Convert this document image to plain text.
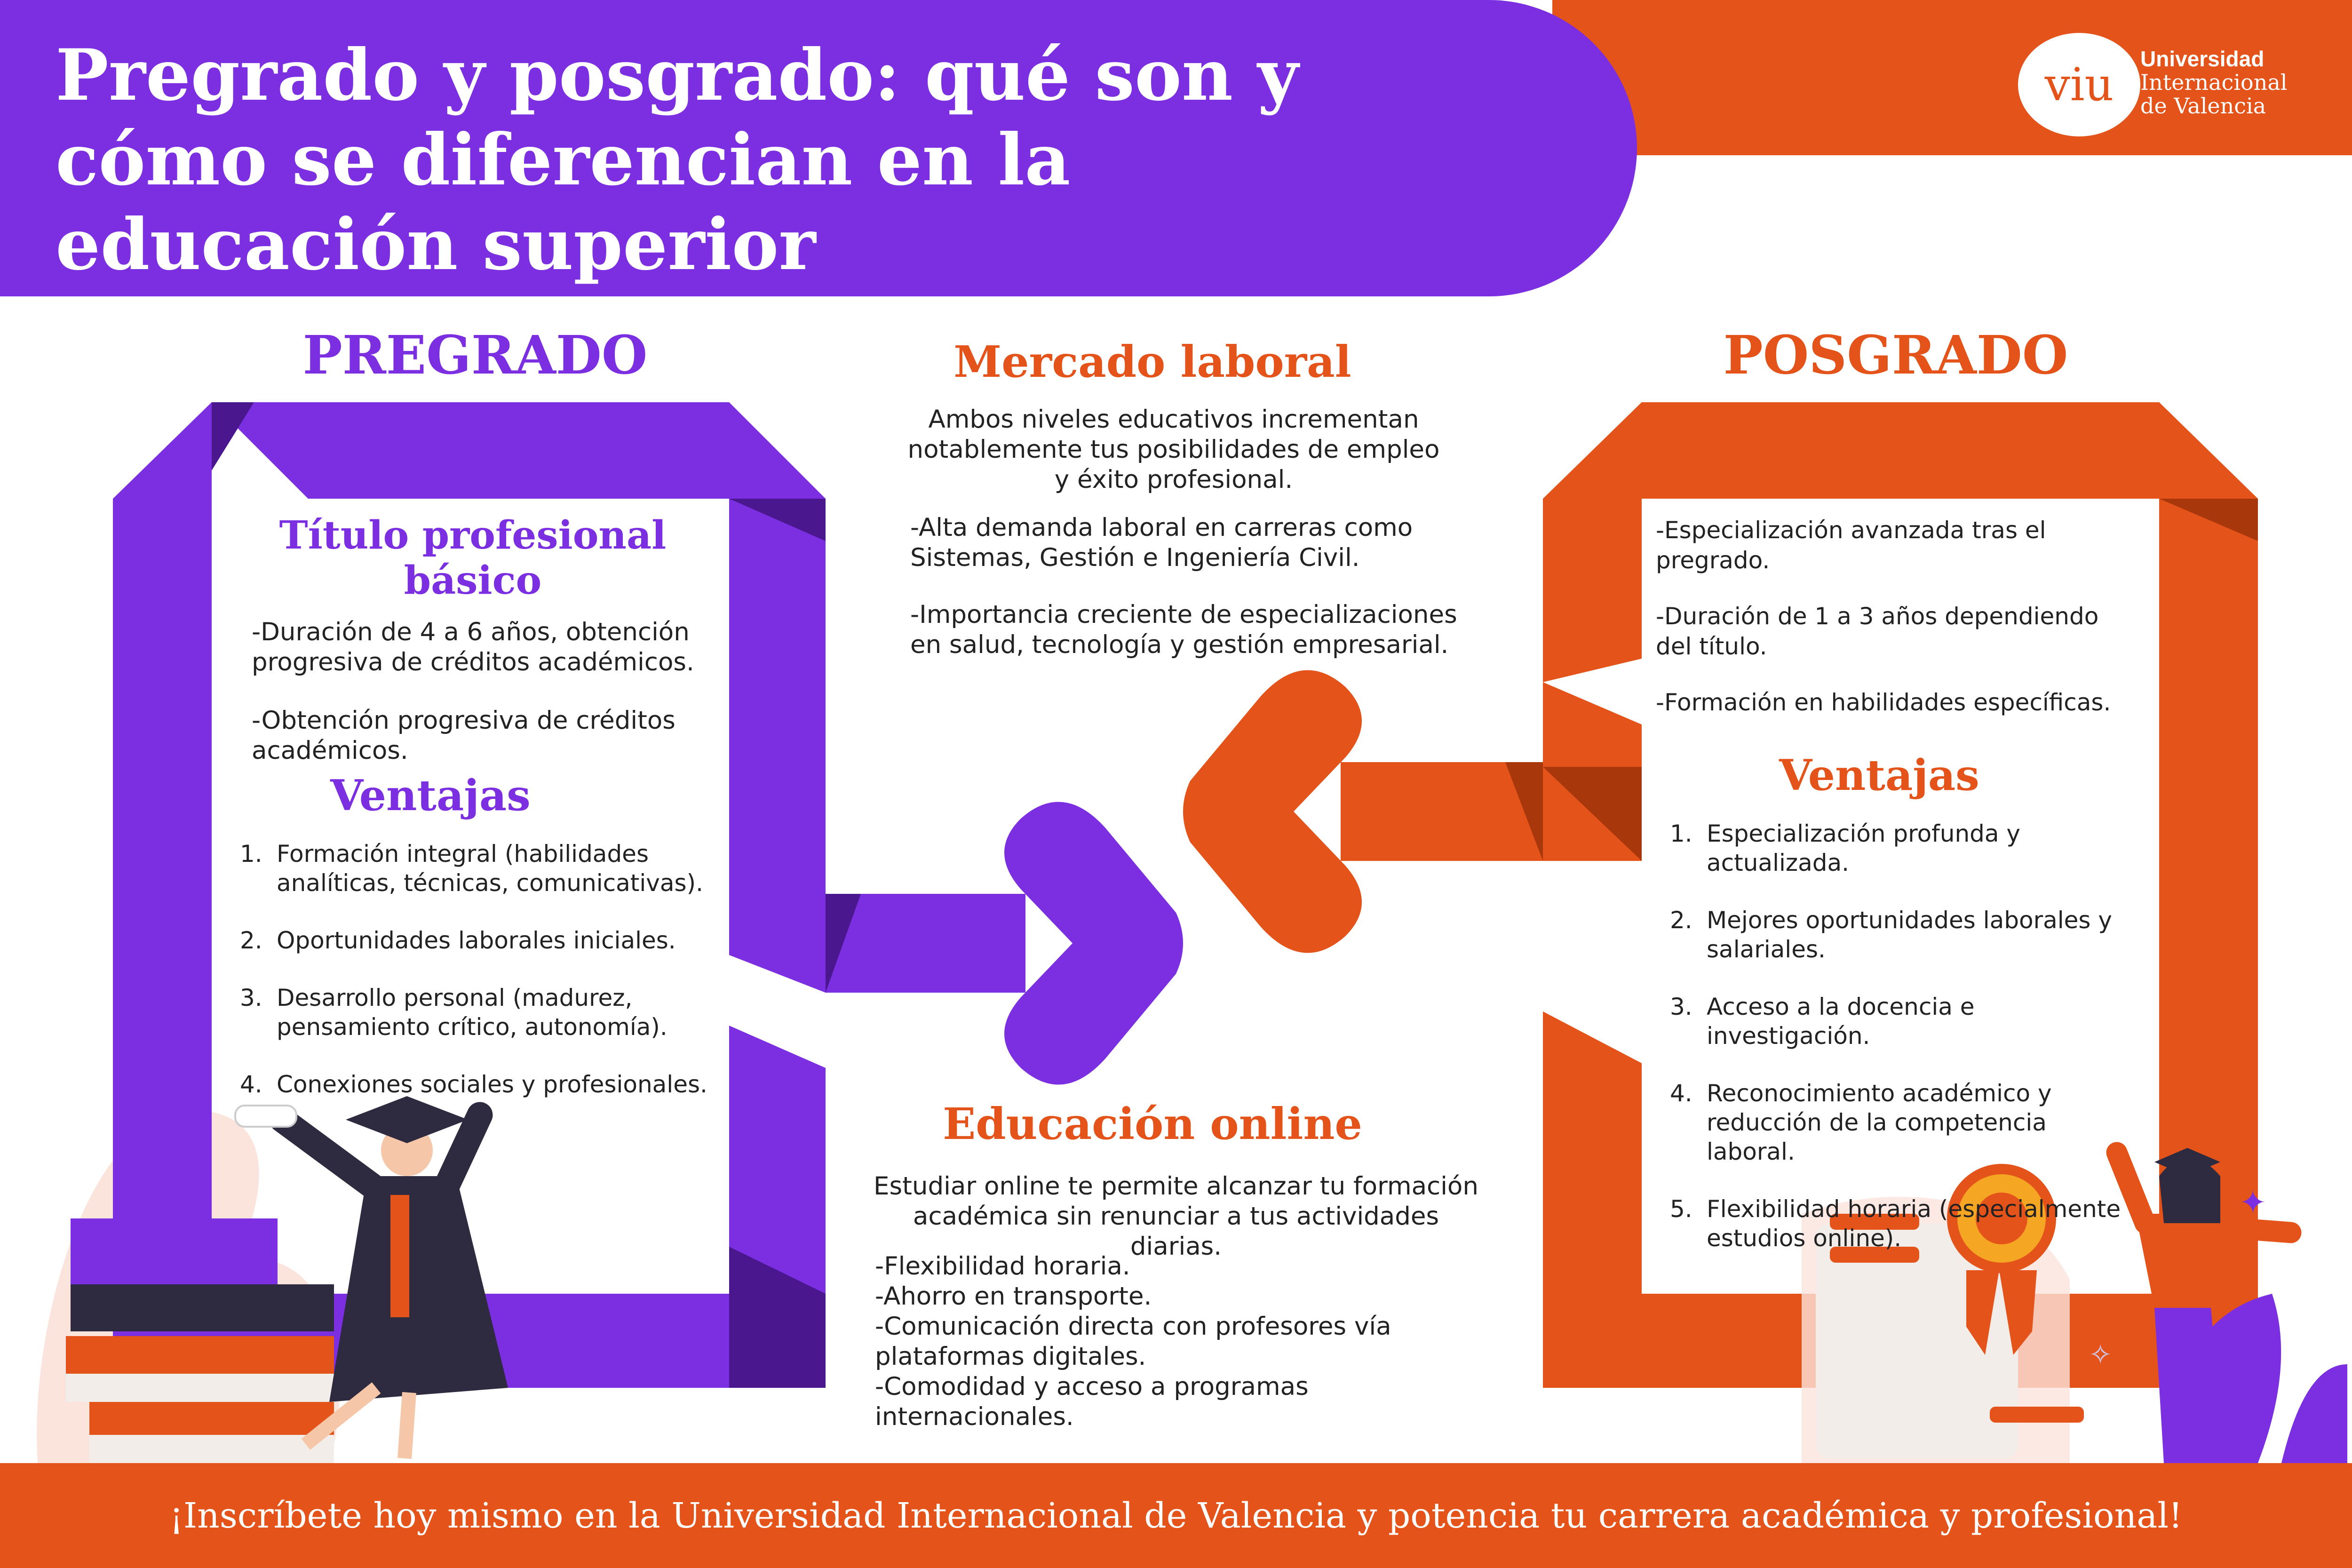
Pregrado y posgrado: qué son y cómo se diferencian en la educación superior
viu Universidad
Internacional
de Valencia
✦
✧
PREGRADO
Título profesional básico
-Duración de 4 a 6 años, obtención progresiva de créditos académicos.
-Obtención progresiva de créditos académicos.
Ventajas
1. Formación integral (habilidades analíticas, técnicas, comunicativas).
2. Oportunidades laborales iniciales.
3. Desarrollo personal (madurez, pensamiento crítico, autonomía).
4. Conexiones sociales y profesionales.
Mercado laboral
Ambos niveles educativos incrementan notablemente tus posibilidades de empleo y éxito profesional.
-Alta demanda laboral en carreras como Sistemas, Gestión e Ingeniería Civil.
-Importancia creciente de especializaciones en salud, tecnología y gestión empresarial.
Educación online
Estudiar online te permite alcanzar tu formación académica sin renunciar a tus actividades diarias.
-Flexibilidad horaria.
-Ahorro en transporte.
-Comunicación directa con profesores vía plataformas digitales.
-Comodidad y acceso a programas internacionales.
POSGRADO
-Especialización avanzada tras el pregrado.
-Duración de 1 a 3 años dependiendo del título.
-Formación en habilidades específicas.
Ventajas
1. Especialización profunda y actualizada.
2. Mejores oportunidades laborales y salariales.
3. Acceso a la docencia e investigación.
4. Reconocimiento académico y reducción de la competencia laboral.
5. Flexibilidad horaria (especialmente estudios online).
¡Inscríbete hoy mismo en la Universidad Internacional de Valencia y potencia tu carrera académica y profesional!
